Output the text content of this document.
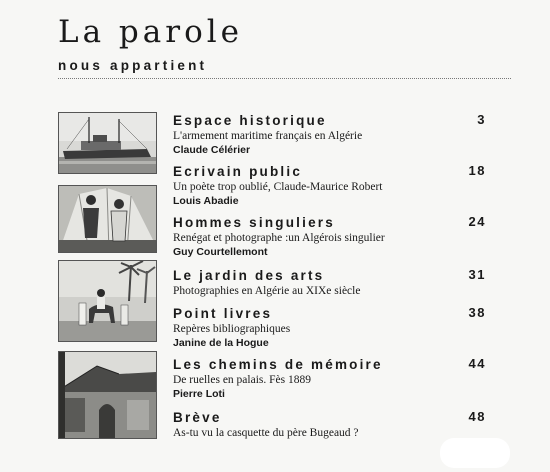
La parole
nous appartient
Espace historique
L'armement maritime français en Algérie
Claude Célérier
3
Ecrivain public
Un poète trop oublié, Claude-Maurice Robert
Louis Abadie
18
Hommes singuliers
Renégat et photographe :un Algérois singulier
Guy Courtellemont
24
Le jardin des arts
Photographies en Algérie au XIXe siècle
31
Point livres
Repères bibliographiques
Janine de la Hogue
38
Les chemins de mémoire
De ruelles en palais. Fès 1889
Pierre Loti
44
Brève
As-tu vu la casquette du père Bugeaud ?
48
